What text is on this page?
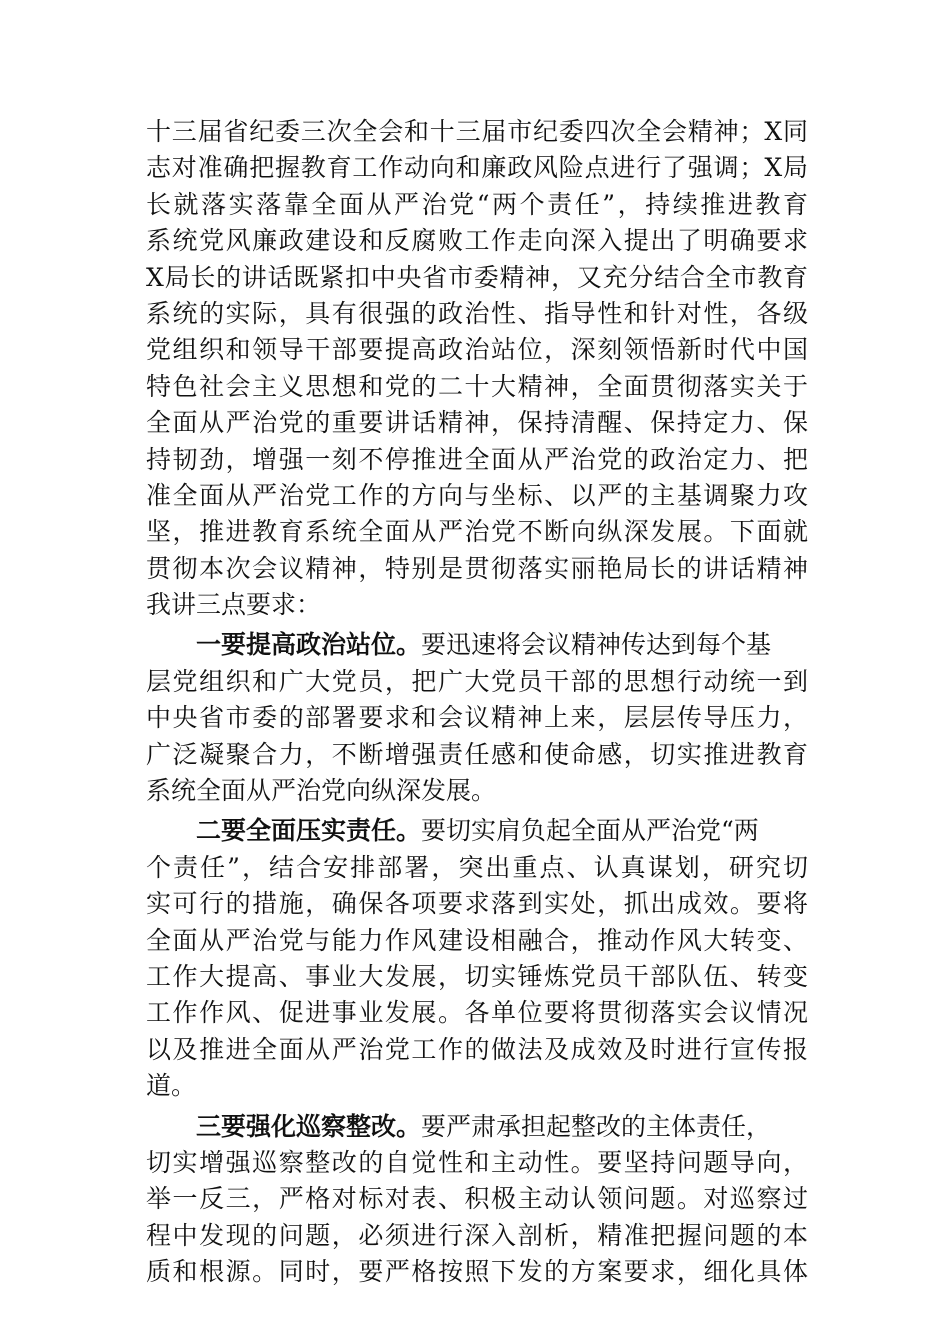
十三届省纪委三次全会和十三届市纪委四次全会精神；X同
志对准确把握教育工作动向和廉政风险点进行了强调；X局
长就落实落靠全面从严治党“两个责任”，持续推进教育
系统党风廉政建设和反腐败工作走向深入提出了明确要求
X局长的讲话既紧扣中央省市委精神，又充分结合全市教育
系统的实际，具有很强的政治性、指导性和针对性，各级
党组织和领导干部要提高政治站位，深刻领悟新时代中国
特色社会主义思想和党的二十大精神，全面贯彻落实关于
全面从严治党的重要讲话精神，保持清醒、保持定力、保
持韧劲，增强一刻不停推进全面从严治党的政治定力、把
准全面从严治党工作的方向与坐标、以严的主基调聚力攻
坚，推进教育系统全面从严治党不断向纵深发展。下面就
贯彻本次会议精神，特别是贯彻落实丽艳局长的讲话精神
我讲三点要求：
一要提高政治站位。要迅速将会议精神传达到每个基
层党组织和广大党员，把广大党员干部的思想行动统一到
中央省市委的部署要求和会议精神上来，层层传导压力，
广泛凝聚合力，不断增强责任感和使命感，切实推进教育
系统全面从严治党向纵深发展。
二要全面压实责任。要切实肩负起全面从严治党“两
个责任”，结合安排部署，突出重点、认真谋划，研究切
实可行的措施，确保各项要求落到实处，抓出成效。要将
全面从严治党与能力作风建设相融合，推动作风大转变、
工作大提高、事业大发展，切实锤炼党员干部队伍、转变
工作作风、促进事业发展。各单位要将贯彻落实会议情况
以及推进全面从严治党工作的做法及成效及时进行宣传报
道。
三要强化巡察整改。要严肃承担起整改的主体责任，
切实增强巡察整改的自觉性和主动性。要坚持问题导向，
举一反三，严格对标对表、积极主动认领问题。对巡察过
程中发现的问题，必须进行深入剖析，精准把握问题的本
质和根源。同时，要严格按照下发的方案要求，细化具体
